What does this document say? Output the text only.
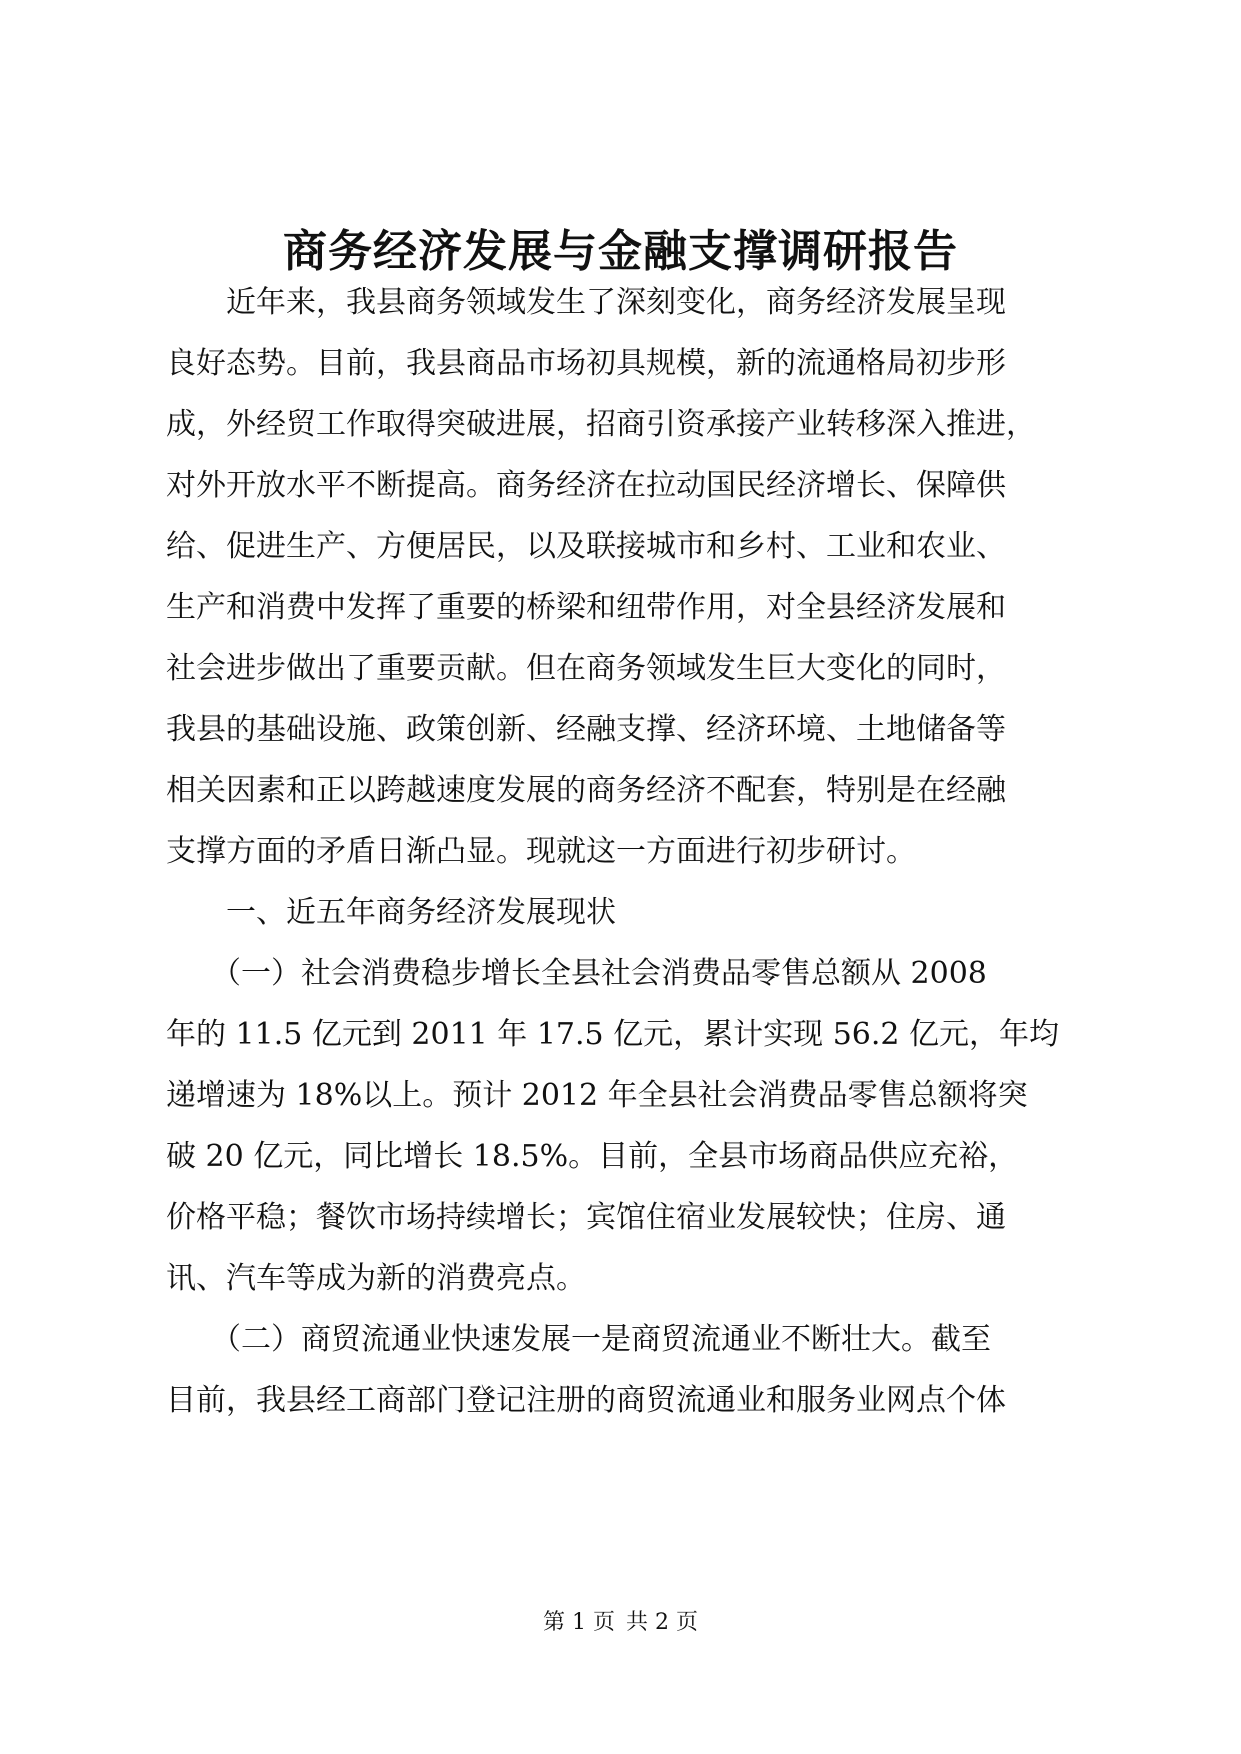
商务经济发展与金融支撑调研报告
　　近年来，我县商务领域发生了深刻变化，商务经济发展呈现
良好态势。目前，我县商品市场初具规模，新的流通格局初步形
成，外经贸工作取得突破进展，招商引资承接产业转移深入推进，
对外开放水平不断提高。商务经济在拉动国民经济增长、保障供
给、促进生产、方便居民，以及联接城市和乡村、工业和农业、
生产和消费中发挥了重要的桥梁和纽带作用，对全县经济发展和
社会进步做出了重要贡献。但在商务领域发生巨大变化的同时，
我县的基础设施、政策创新、经融支撑、经济环境、土地储备等
相关因素和正以跨越速度发展的商务经济不配套，特别是在经融
支撑方面的矛盾日渐凸显。现就这一方面进行初步研讨。
　　一、近五年商务经济发展现状
　　（一）社会消费稳步增长全县社会消费品零售总额从 2008
年的 11.5 亿元到 2011 年 17.5 亿元，累计实现 56.2 亿元，年均
递增速为 18%以上。预计 2012 年全县社会消费品零售总额将突
破 20 亿元，同比增长 18.5%。目前，全县市场商品供应充裕，
价格平稳；餐饮市场持续增长；宾馆住宿业发展较快；住房、通
讯、汽车等成为新的消费亮点。
　　（二）商贸流通业快速发展一是商贸流通业不断壮大。截至
目前，我县经工商部门登记注册的商贸流通业和服务业网点个体
第 1 页 共 2 页
